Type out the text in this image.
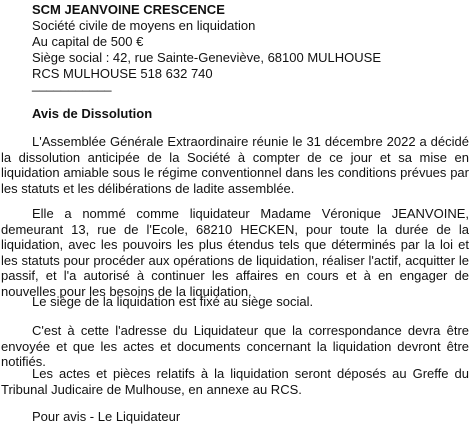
SCM JEANVOINE CRESCENCE
Société civile de moyens en liquidation
Au capital de 500 €
Siège social : 42, rue Sainte-Geneviève, 68100 MULHOUSE
RCS MULHOUSE 518 632 740
___________
Avis de Dissolution

L'Assemblée Générale Extraordinaire réunie le 31 décembre 2022 a décidé la dissolution anticipée de la Société à compter de ce jour et sa mise en liquidation amiable sous le régime conventionnel dans les conditions prévues par les statuts et les délibérations de ladite assemblée.

Elle a nommé comme liquidateur Madame Véronique JEANVOINE, demeurant 13, rue de l'Ecole, 68210 HECKEN, pour toute la durée de la liquidation, avec les pouvoirs les plus étendus tels que déterminés par la loi et les statuts pour procéder aux opérations de liquidation, réaliser l'actif, acquitter le passif, et l'a autorisé à continuer les affaires en cours et à en engager de nouvelles pour les besoins de la liquidation.

Le siège de la liquidation est fixé au siège social.

C'est à cette l'adresse du Liquidateur que la correspondance devra être envoyée et que les actes et documents concernant la liquidation devront être notifiés.

Les actes et pièces relatifs à la liquidation seront déposés au Greffe du Tribunal Judicaire de Mulhouse, en annexe au RCS.

Pour avis - Le Liquidateur
